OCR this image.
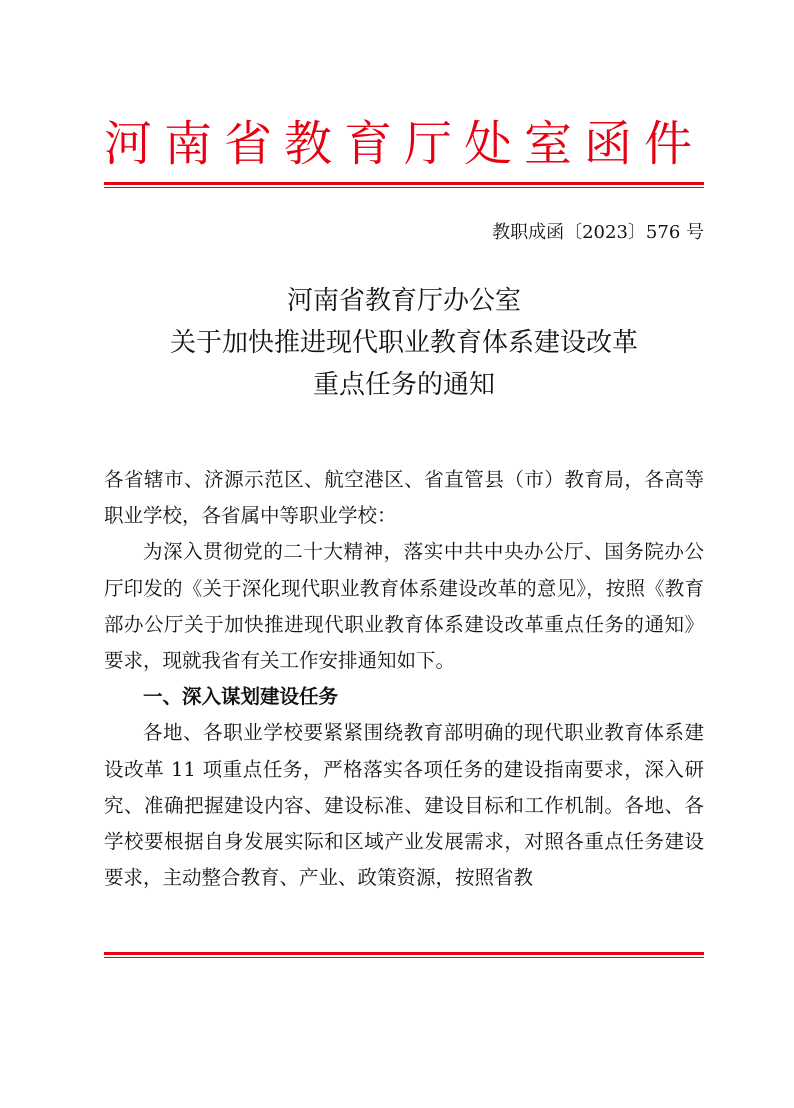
河南省教育厅处室函件
教职成函〔2023〕576 号
河南省教育厅办公室
关于加快推进现代职业教育体系建设改革
重点任务的通知

各省辖市、济源示范区、航空港区、省直管县（市）教育局，各高等职业学校，各省属中等职业学校：

为深入贯彻党的二十大精神，落实中共中央办公厅、国务院办公厅印发的《关于深化现代职业教育体系建设改革的意见》，按照《教育部办公厅关于加快推进现代职业教育体系建设改革重点任务的通知》要求，现就我省有关工作安排通知如下。

一、深入谋划建设任务

各地、各职业学校要紧紧围绕教育部明确的现代职业教育体系建设改革 11 项重点任务，严格落实各项任务的建设指南要求，深入研究、准确把握建设内容、建设标准、建设目标和工作机制。各地、各学校要根据自身发展实际和区域产业发展需求，对照各重点任务建设要求，主动整合教育、产业、政策资源，按照省教
